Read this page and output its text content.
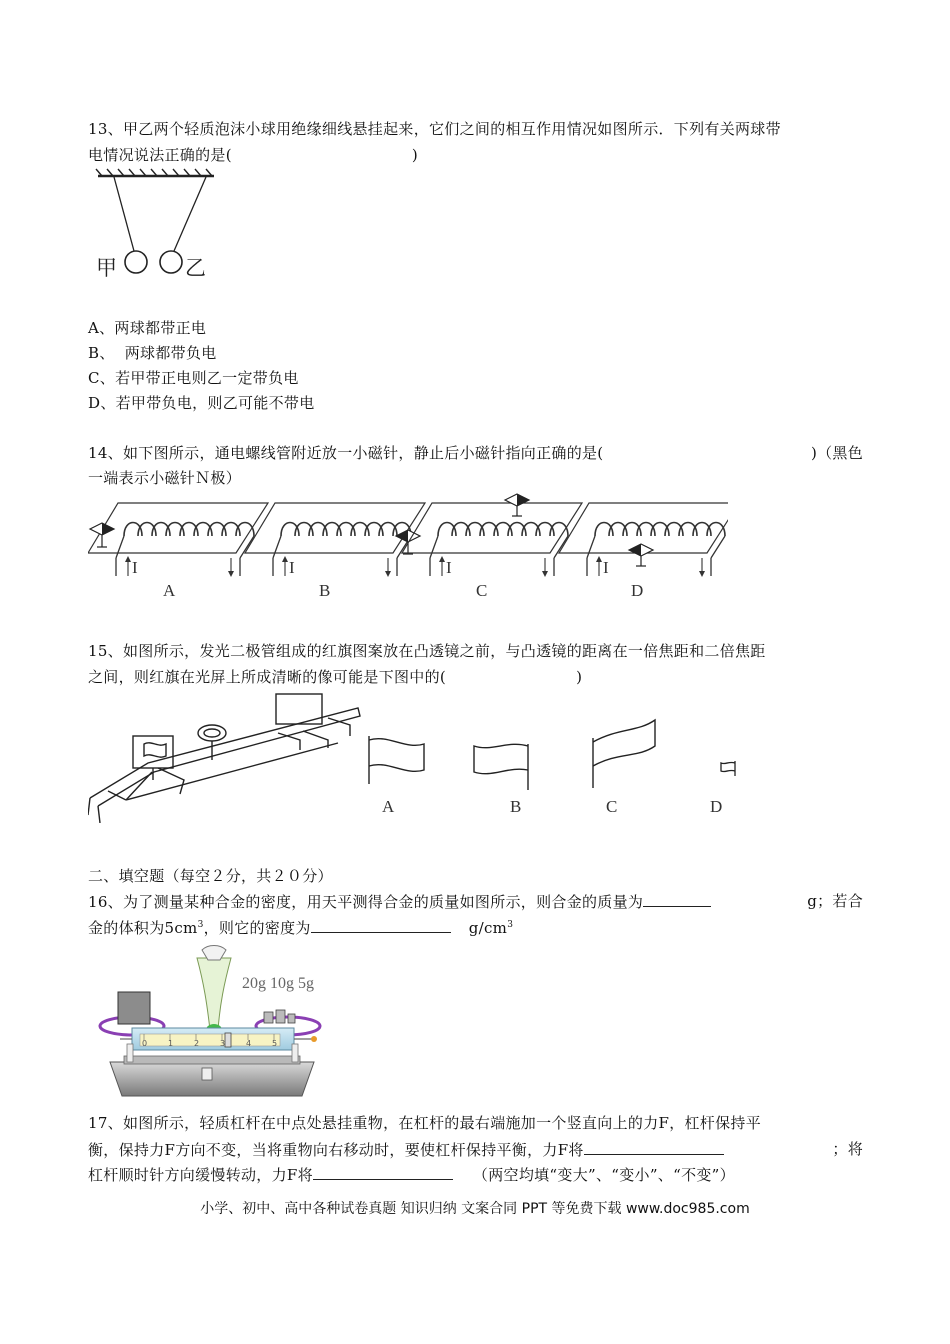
13、甲乙两个轻质泡沫小球用绝缘细线悬挂起来，它们之间的相互作用情况如图所示．下列有关两球带
电情况说法正确的是(	)
甲	乙
A、两球都带正电
B、  两球都带负电
C、若甲带正电则乙一定带负电
D、若甲带负电，则乙可能不带电
14、如下图所示，通电螺线管附近放一小磁针，静止后小磁针指向正确的是(	)（黑色
一端表示小磁针Ｎ极）
I
A
I
B
I
C
I
D
15、如图所示，发光二极管组成的红旗图案放在凸透镜之前，与凸透镜的距离在一倍焦距和二倍焦距
之间，则红旗在光屏上所成清晰的像可能是下图中的(	)
A	B	C	D
二、填空题（每空２分，共２０分）
16、为了测量某种合金的密度，用天平测得合金的质量如图所示，则合金的质量为	g；若合
金的体积为$5cm^3$，则它的密度为	$g/cm^3$
20g 10g 5g
0	1	2	3	4	5
17、如图所示，轻质杠杆在中点处悬挂重物，在杠杆的最右端施加一个竖直向上的力F，杠杆保持平
衡，保持力F方向不变，当将重物向右移动时，要使杠杆保持平衡，力F将	；将
杠杆顺时针方向缓慢转动，力F将	（两空均填“变大”、“变小”、“不变”）
小学、初中、高中各种试卷真题 知识归纳 文案合同 PPT 等免费下载 www.doc985.com
